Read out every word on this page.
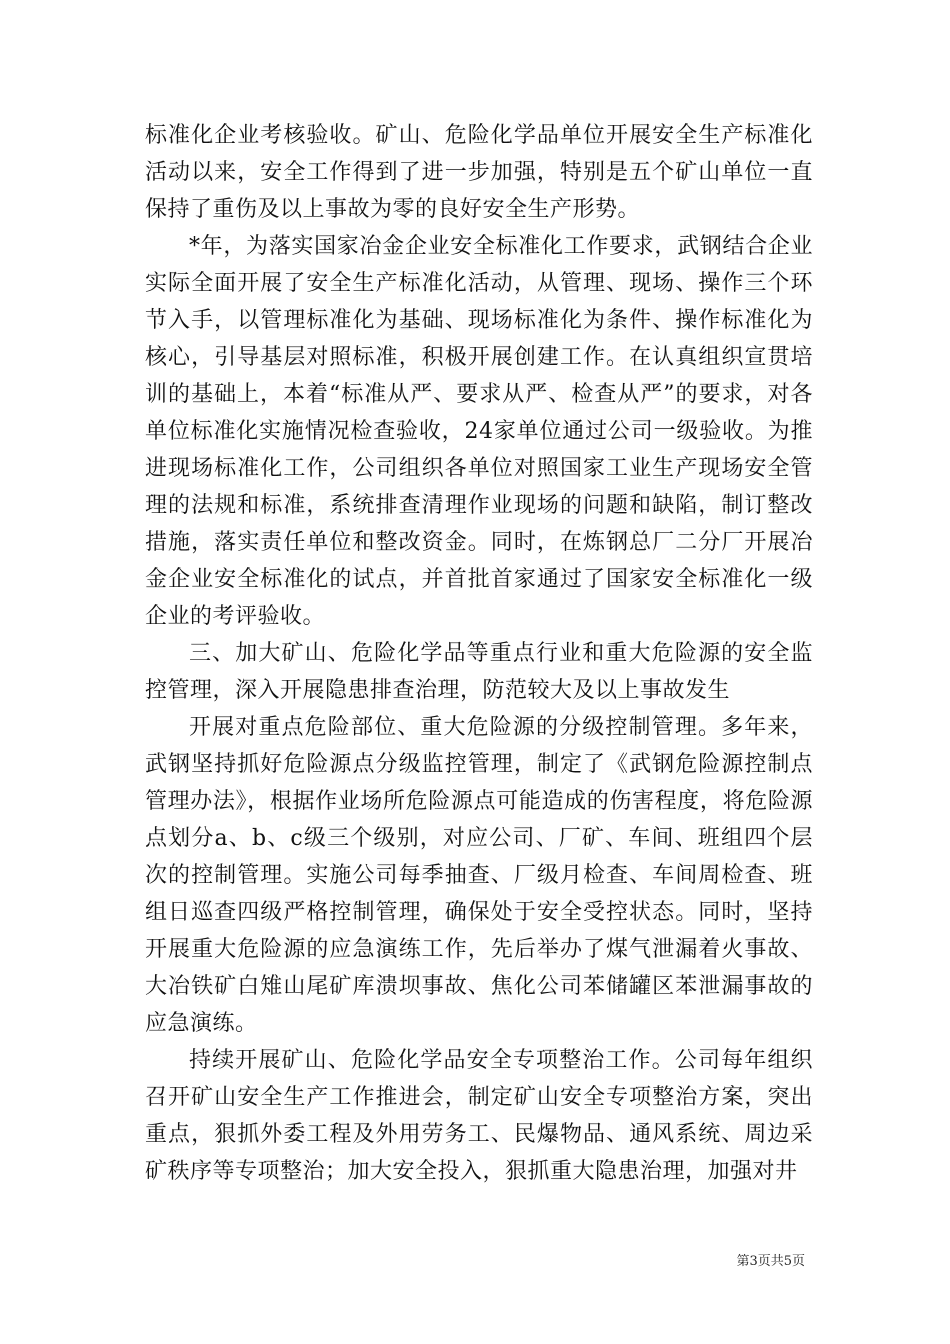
标准化企业考核验收。矿山、危险化学品单位开展安全生产标准化活动以来，安全工作得到了进一步加强，特别是五个矿山单位一直保持了重伤及以上事故为零的良好安全生产形势。

*年，为落实国家冶金企业安全标准化工作要求，武钢结合企业实际全面开展了安全生产标准化活动，从管理、现场、操作三个环节入手，以管理标准化为基础、现场标准化为条件、操作标准化为核心，引导基层对照标准，积极开展创建工作。在认真组织宣贯培训的基础上，本着“标准从严、要求从严、检查从严”的要求，对各单位标准化实施情况检查验收，24家单位通过公司一级验收。为推进现场标准化工作，公司组织各单位对照国家工业生产现场安全管理的法规和标准，系统排查清理作业现场的问题和缺陷，制订整改措施，落实责任单位和整改资金。同时，在炼钢总厂二分厂开展冶金企业安全标准化的试点，并首批首家通过了国家安全标准化一级企业的考评验收。

三、加大矿山、危险化学品等重点行业和重大危险源的安全监控管理，深入开展隐患排查治理，防范较大及以上事故发生

开展对重点危险部位、重大危险源的分级控制管理。多年来，武钢坚持抓好危险源点分级监控管理，制定了《武钢危险源控制点管理办法》，根据作业场所危险源点可能造成的伤害程度，将危险源点划分a、b、c级三个级别，对应公司、厂矿、车间、班组四个层次的控制管理。实施公司每季抽查、厂级月检查、车间周检查、班组日巡查四级严格控制管理，确保处于安全受控状态。同时，坚持开展重大危险源的应急演练工作，先后举办了煤气泄漏着火事故、大冶铁矿白雉山尾矿库溃坝事故、焦化公司苯储罐区苯泄漏事故的应急演练。

持续开展矿山、危险化学品安全专项整治工作。公司每年组织召开矿山安全生产工作推进会，制定矿山安全专项整治方案，突出重点，狠抓外委工程及外用劳务工、民爆物品、通风系统、周边采矿秩序等专项整治；加大安全投入，狠抓重大隐患治理，加强对井

第3页共5页
